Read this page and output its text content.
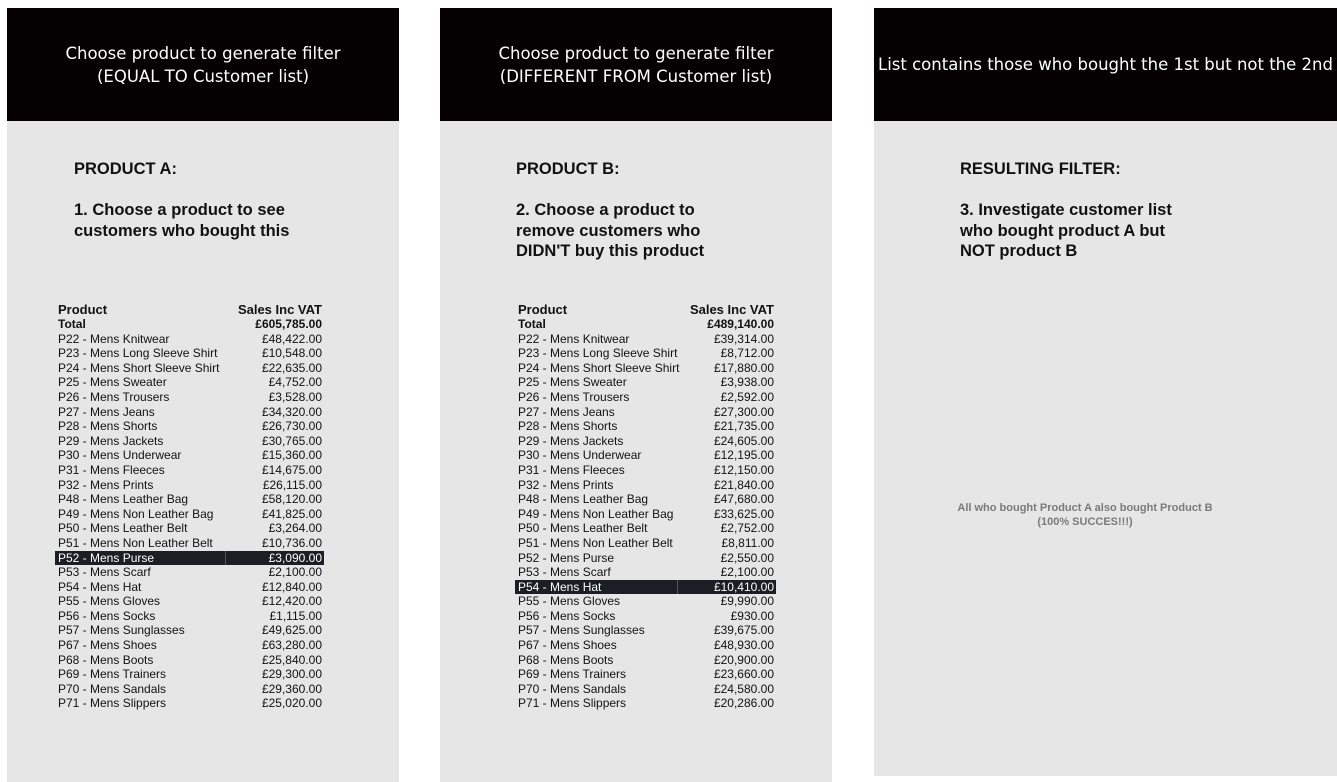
Choose product to generate filter
(EQUAL TO Customer list)
PRODUCT A:
1. Choose a product to see customers who bought this
Product	Sales Inc VAT
Total	£605,785.00
P22 - Mens Knitwear	£48,422.00
P23 - Mens Long Sleeve Shirt	£10,548.00
P24 - Mens Short Sleeve Shirt	£22,635.00
P25 - Mens Sweater	£4,752.00
P26 - Mens Trousers	£3,528.00
P27 - Mens Jeans	£34,320.00
P28 - Mens Shorts	£26,730.00
P29 - Mens Jackets	£30,765.00
P30 - Mens Underwear	£15,360.00
P31 - Mens Fleeces	£14,675.00
P32 - Mens Prints	£26,115.00
P48 - Mens Leather Bag	£58,120.00
P49 - Mens Non Leather Bag	£41,825.00
P50 - Mens Leather Belt	£3,264.00
P51 - Mens Non Leather Belt	£10,736.00
P52 - Mens Purse	£3,090.00
P53 - Mens Scarf	£2,100.00
P54 - Mens Hat	£12,840.00
P55 - Mens Gloves	£12,420.00
P56 - Mens Socks	£1,115.00
P57 - Mens Sunglasses	£49,625.00
P67 - Mens Shoes	£63,280.00
P68 - Mens Boots	£25,840.00
P69 - Mens Trainers	£29,300.00
P70 - Mens Sandals	£29,360.00
P71 - Mens Slippers	£25,020.00
Choose product to generate filter
(DIFFERENT FROM Customer list)
PRODUCT B:
2. Choose a product to remove customers who DIDN'T buy this product
Product	Sales Inc VAT
Total	£489,140.00
P22 - Mens Knitwear	£39,314.00
P23 - Mens Long Sleeve Shirt	£8,712.00
P24 - Mens Short Sleeve Shirt	£17,880.00
P25 - Mens Sweater	£3,938.00
P26 - Mens Trousers	£2,592.00
P27 - Mens Jeans	£27,300.00
P28 - Mens Shorts	£21,735.00
P29 - Mens Jackets	£24,605.00
P30 - Mens Underwear	£12,195.00
P31 - Mens Fleeces	£12,150.00
P32 - Mens Prints	£21,840.00
P48 - Mens Leather Bag	£47,680.00
P49 - Mens Non Leather Bag	£33,625.00
P50 - Mens Leather Belt	£2,752.00
P51 - Mens Non Leather Belt	£8,811.00
P52 - Mens Purse	£2,550.00
P53 - Mens Scarf	£2,100.00
P54 - Mens Hat	£10,410.00
P55 - Mens Gloves	£9,990.00
P56 - Mens Socks	£930.00
P57 - Mens Sunglasses	£39,675.00
P67 - Mens Shoes	£48,930.00
P68 - Mens Boots	£20,900.00
P69 - Mens Trainers	£23,660.00
P70 - Mens Sandals	£24,580.00
P71 - Mens Slippers	£20,286.00
List contains those who bought the 1st but not the 2nd
RESULTING FILTER:
3. Investigate customer list who bought product A but NOT product B
All who bought Product A also bought Product B (100% SUCCES!!!)
